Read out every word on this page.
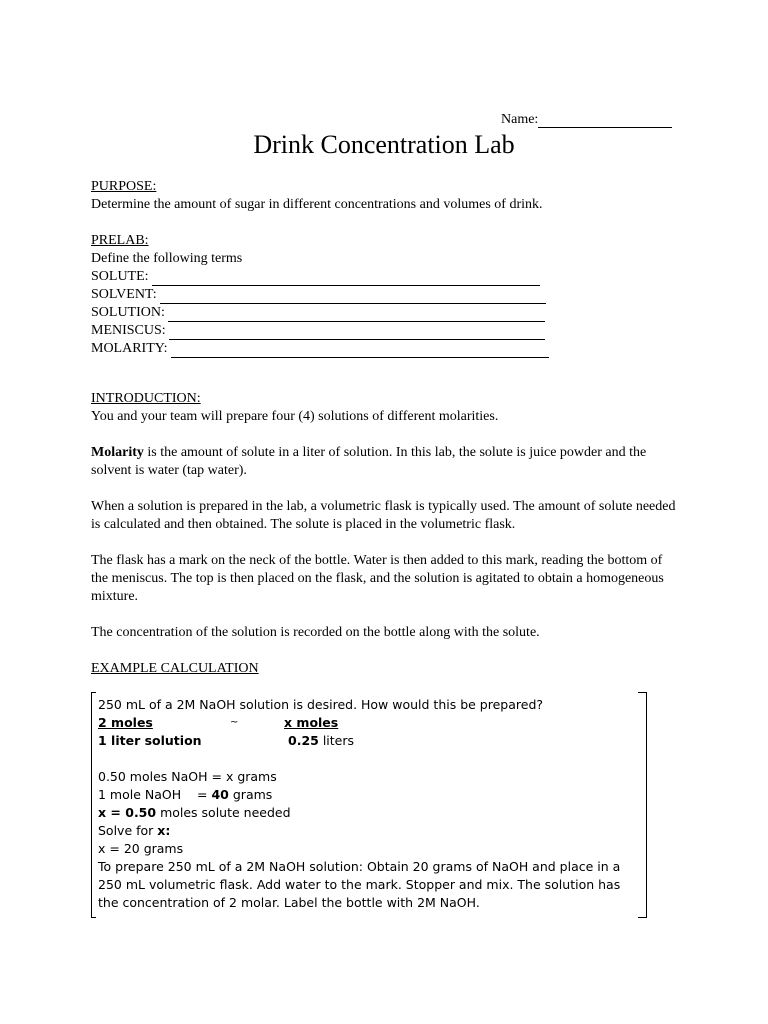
Name:
Drink Concentration Lab

PURPOSE:

Determine the amount of sugar in different concentrations and volumes of drink.

PRELAB:

Define the following terms

SOLUTE:
SOLVENT:
SOLUTION:
MENISCUS:
MOLARITY:

INTRODUCTION:

You and your team will prepare four (4) solutions of different molarities.

Molarity is the amount of solute in a liter of solution. In this lab, the solute is juice powder and the solvent is water (tap water).

When a solution is prepared in the lab, a volumetric flask is typically used. The amount of solute needed is calculated and then obtained. The solute is placed in the volumetric flask.

The flask has a mark on the neck of the bottle. Water is then added to this mark, reading the bottom of the meniscus. The top is then placed on the flask, and the solution is agitated to obtain a homogeneous mixture.

The concentration of the solution is recorded on the bottle along with the solute.

EXAMPLE CALCULATION

250 mL of a 2M NaOH solution is desired. How would this be prepared?

2 moles	~	x moles
1 liter solution	0.25 liters

0.50 moles NaOH = x grams

1 mole NaOH    = 40 grams

x = 0.50 moles solute needed

Solve for x:

x = 20 grams

To prepare 250 mL of a 2M NaOH solution: Obtain 20 grams of NaOH and place in a

250 mL volumetric flask. Add water to the mark. Stopper and mix. The solution has

the concentration of 2 molar. Label the bottle with 2M NaOH.
